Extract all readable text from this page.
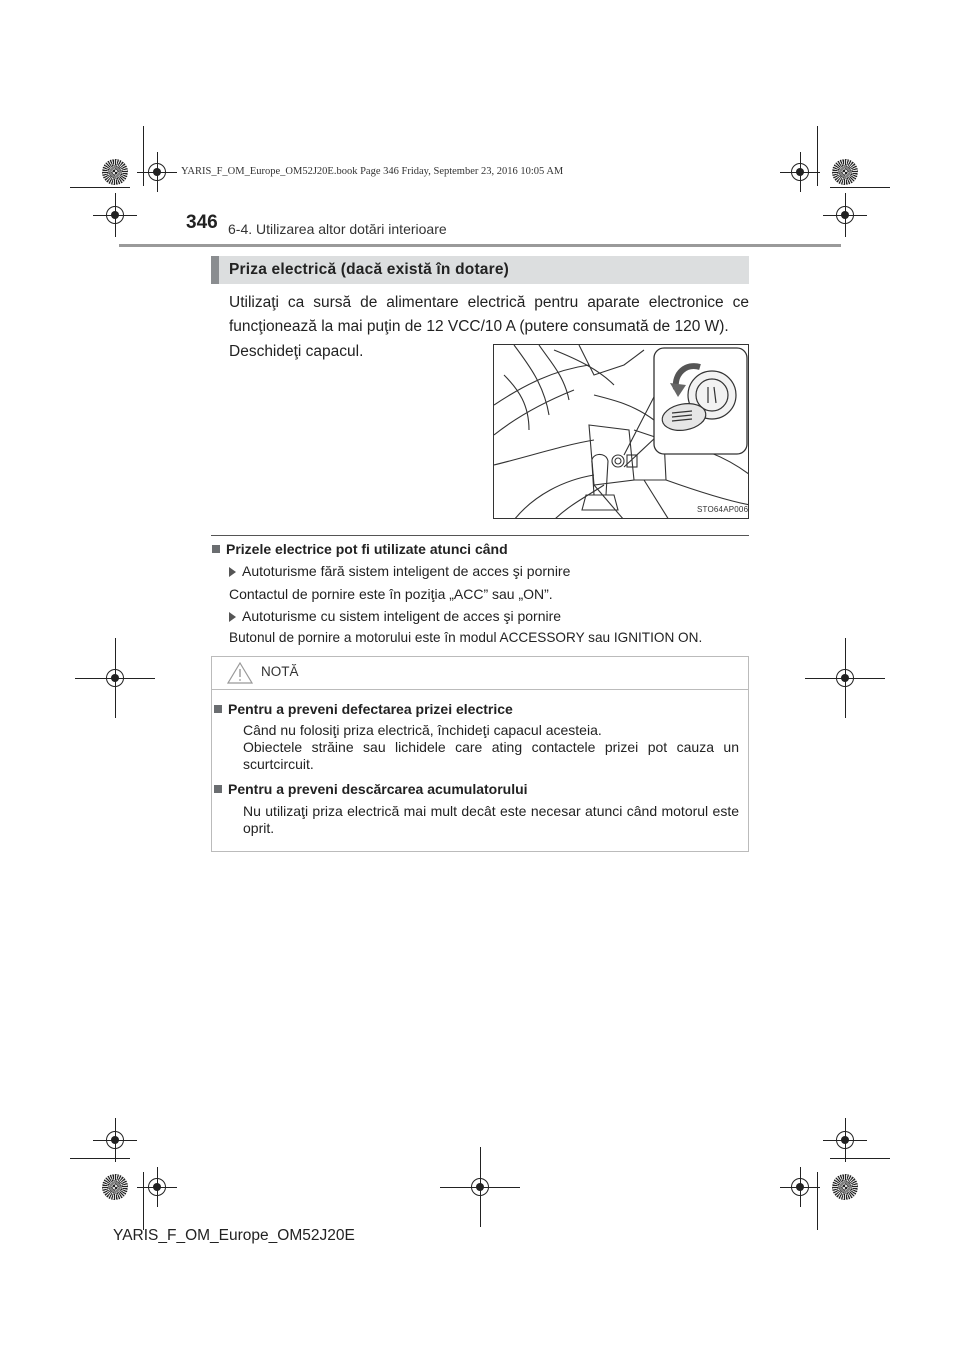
YARIS_F_OM_Europe_OM52J20E.book Page 346 Friday, September 23, 2016 10:05 AM
346 6-4. Utilizarea altor dotări interioare
Priza electrică (dacă există în dotare)
Utilizaţi ca sursă de alimentare electrică pentru aparate electronice ce funcţionează la mai puţin de 12 VCC/10 A (putere consumată de 120 W).
Deschideţi capacul.
STO64AP006
Prizele electrice pot fi utilizate atunci când
Autoturisme fără sistem inteligent de acces şi pornire
Contactul de pornire este în poziţia „ACC” sau „ON”.
Autoturisme cu sistem inteligent de acces şi pornire
Butonul de pornire a motorului este în modul ACCESSORY sau IGNITION ON.
NOTĂ
Pentru a preveni defectarea prizei electrice
Când nu folosiţi priza electrică, închideţi capacul acesteia.
Obiectele străine sau lichidele care ating contactele prizei pot cauza un scurtcircuit.
Pentru a preveni descărcarea acumulatorului
Nu utilizaţi priza electrică mai mult decât este necesar atunci când motorul este oprit.
YARIS_F_OM_Europe_OM52J20E
